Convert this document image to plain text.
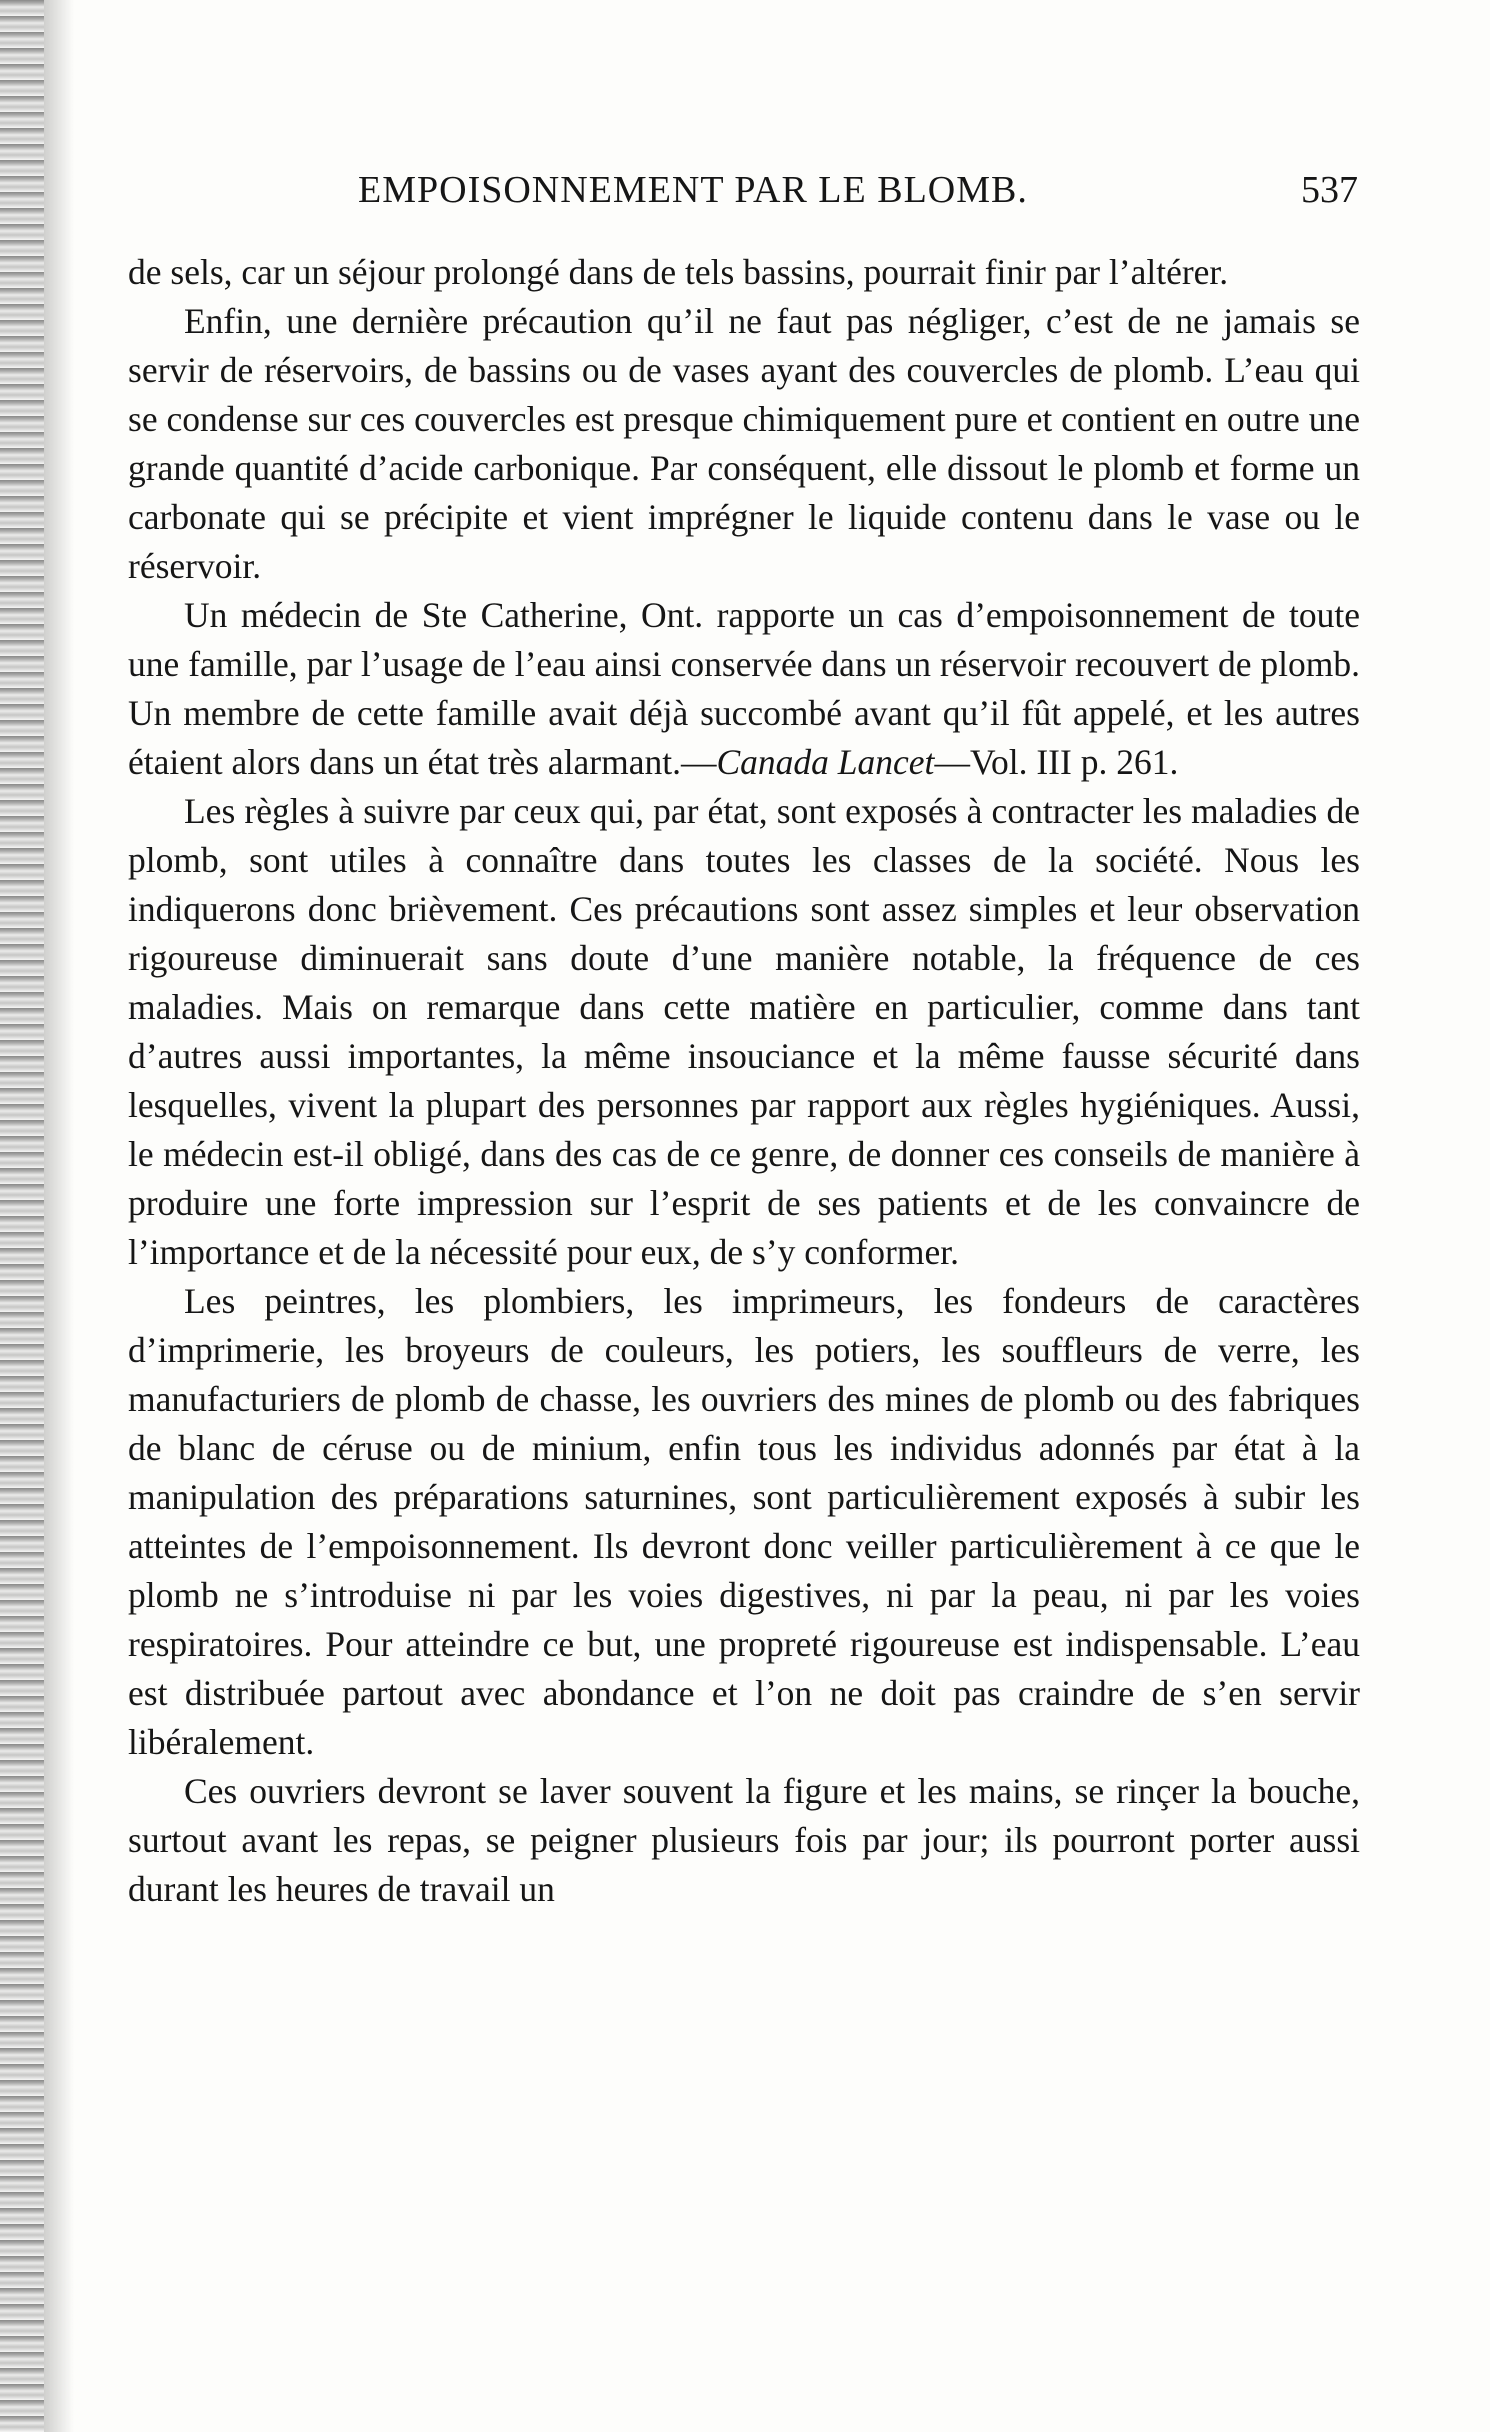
EMPOISONNEMENT PAR LE BLOMB.	537

de sels, car un séjour prolongé dans de tels bassins, pourrait finir par l’altérer.

Enfin, une dernière précaution qu’il ne faut pas négliger, c’est de ne jamais se servir de réservoirs, de bassins ou de vases ayant des couvercles de plomb. L’eau qui se condense sur ces couvercles est presque chimiquement pure et contient en outre une grande quantité d’acide carbonique. Par conséquent, elle dissout le plomb et forme un carbonate qui se précipite et vient imprégner le liquide contenu dans le vase ou le réservoir.

Un médecin de Ste Catherine, Ont. rapporte un cas d’empoisonnement de toute une famille, par l’usage de l’eau ainsi conservée dans un réservoir recouvert de plomb. Un membre de cette famille avait déjà succombé avant qu’il fût appelé, et les autres étaient alors dans un état très alarmant.—Canada Lancet—Vol. III p. 261.

Les règles à suivre par ceux qui, par état, sont exposés à contracter les maladies de plomb, sont utiles à connaître dans toutes les classes de la société. Nous les indiquerons donc brièvement. Ces précautions sont assez simples et leur observation rigoureuse diminuerait sans doute d’une manière notable, la fréquence de ces maladies. Mais on remarque dans cette matière en particulier, comme dans tant d’autres aussi importantes, la même insouciance et la même fausse sécurité dans lesquelles, vivent la plupart des personnes par rapport aux règles hygiéniques. Aussi, le médecin est-il obligé, dans des cas de ce genre, de donner ces conseils de manière à produire une forte impression sur l’esprit de ses patients et de les convaincre de l’importance et de la nécessité pour eux, de s’y conformer.

Les peintres, les plombiers, les imprimeurs, les fondeurs de caractères d’imprimerie, les broyeurs de couleurs, les potiers, les souffleurs de verre, les manufacturiers de plomb de chasse, les ouvriers des mines de plomb ou des fabriques de blanc de céruse ou de minium, enfin tous les individus adonnés par état à la manipulation des préparations saturnines, sont particulièrement exposés à subir les atteintes de l’empoisonnement. Ils devront donc veiller particulièrement à ce que le plomb ne s’introduise ni par les voies digestives, ni par la peau, ni par les voies respiratoires. Pour atteindre ce but, une propreté rigoureuse est indispensable. L’eau est distribuée partout avec abondance et l’on ne doit pas craindre de s’en servir libéralement.

Ces ouvriers devront se laver souvent la figure et les mains, se rinçer la bouche, surtout avant les repas, se peigner plusieurs fois par jour; ils pourront porter aussi durant les heures de travail un
